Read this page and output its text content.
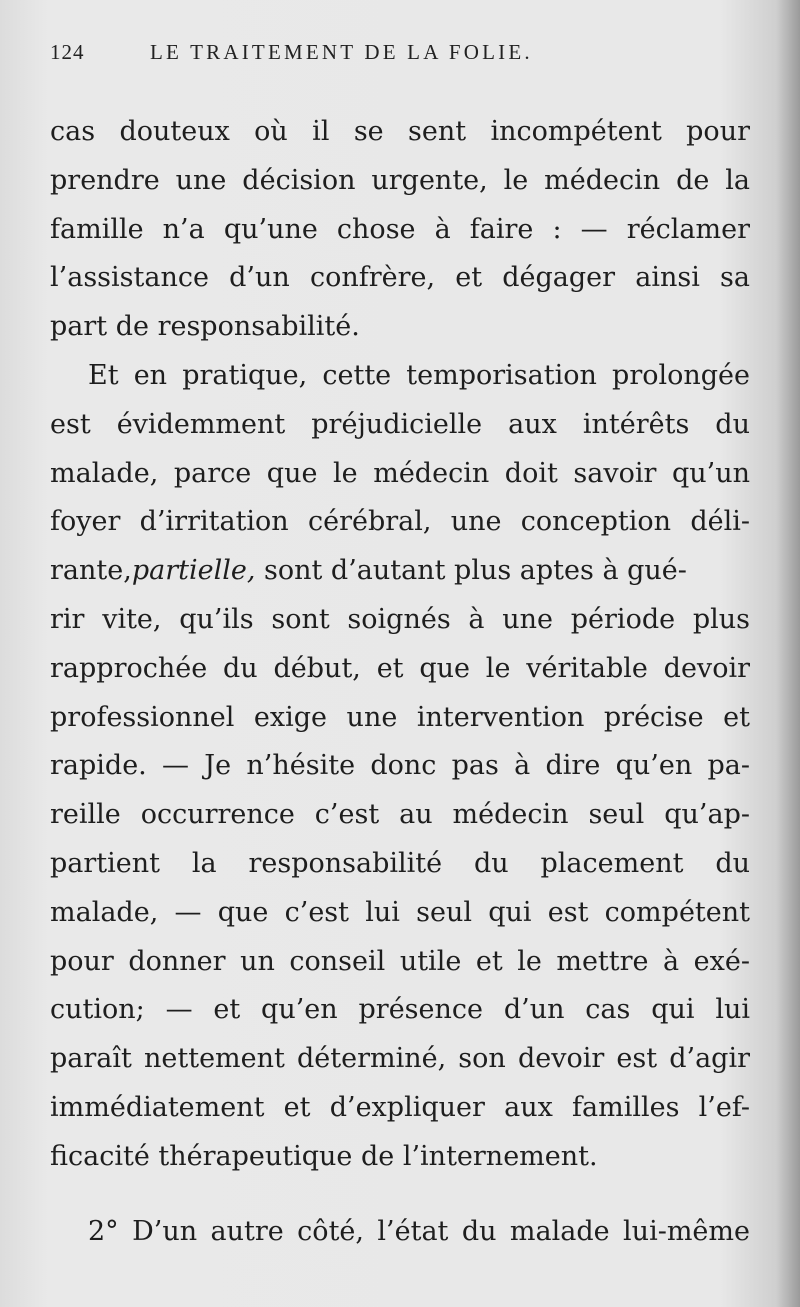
124	LE TRAITEMENT DE LA FOLIE.
cas douteux où il se sent incompétent pour
prendre une décision urgente, le médecin de la
famille n’a qu’une chose à faire : — réclamer
l’assistance d’un confrère, et dégager ainsi sa
part de responsabilité.
Et en pratique, cette temporisation prolongée
est évidemment préjudicielle aux intérêts du
malade, parce que le médecin doit savoir qu’un
foyer d’irritation cérébral, une conception déli-
rante,partielle, sont d’autant plus aptes à gué-
rir vite, qu’ils sont soignés à une période plus
rapprochée du début, et que le véritable devoir
professionnel exige une intervention précise et
rapide. — Je n’hésite donc pas à dire qu’en pa-
reille occurrence c’est au médecin seul qu’ap-
partient la responsabilité du placement du
malade, — que c’est lui seul qui est compétent
pour donner un conseil utile et le mettre à exé-
cution; — et qu’en présence d’un cas qui lui
paraît nettement déterminé, son devoir est d’agir
immédiatement et d’expliquer aux familles l’ef-
ficacité thérapeutique de l’internement.
2° D’un autre côté, l’état du malade lui-même
